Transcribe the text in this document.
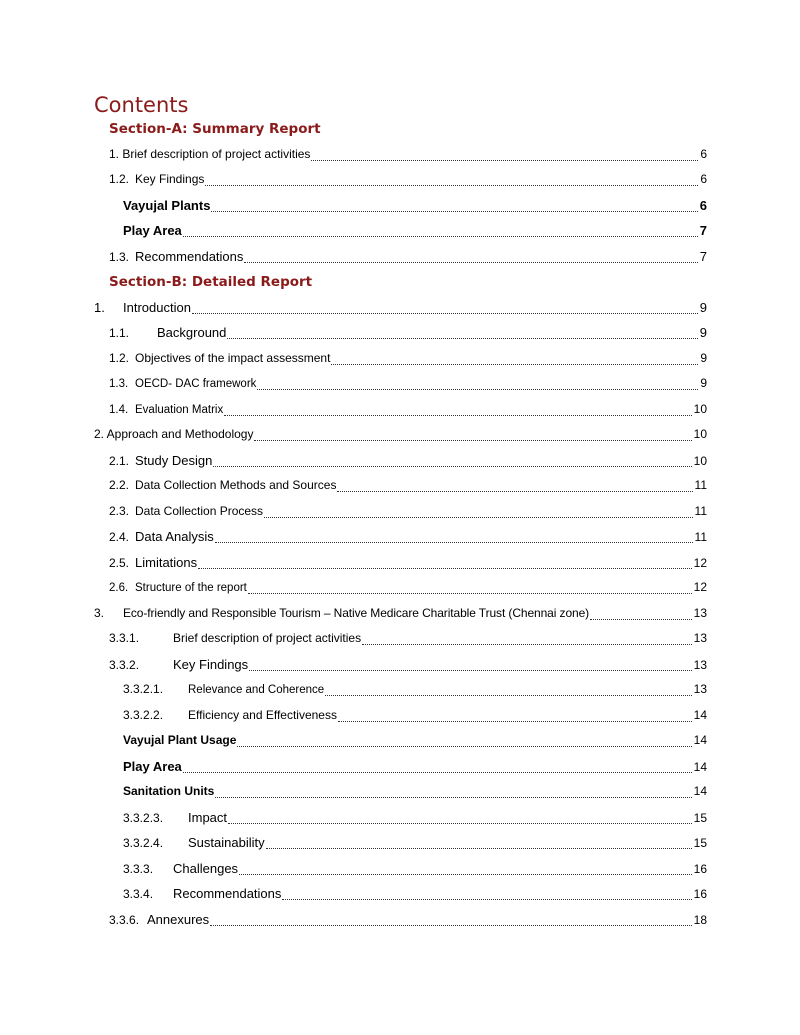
Contents
Section-A: Summary Report
1. Brief description of project activities	6
1.2. Key Findings	6
Vayujal Plants	6
Play Area	7
1.3. Recommendations	7
Section-B: Detailed Report
1.	Introduction	9
1.1.	Background	9
1.2. Objectives of the impact assessment	9
1.3. OECD- DAC framework	9
1.4. Evaluation Matrix	10
2. Approach and Methodology	10
2.1. Study Design	10
2.2. Data Collection Methods and Sources	11
2.3. Data Collection Process	11
2.4. Data Analysis	11
2.5. Limitations	12
2.6. Structure of the report	12
3.	Eco-friendly and Responsible Tourism – Native Medicare Charitable Trust (Chennai zone)	13
3.3.1.	Brief description of project activities	13
3.3.2.	Key Findings	13
3.3.2.1.	Relevance and Coherence	13
3.3.2.2.	Efficiency and Effectiveness	14
Vayujal Plant Usage	14
Play Area	14
Sanitation Units	14
3.3.2.3.	Impact	15
3.3.2.4.	Sustainability	15
3.3.3.	Challenges	16
3.3.4.	Recommendations	16
3.3.6. Annexures	18
